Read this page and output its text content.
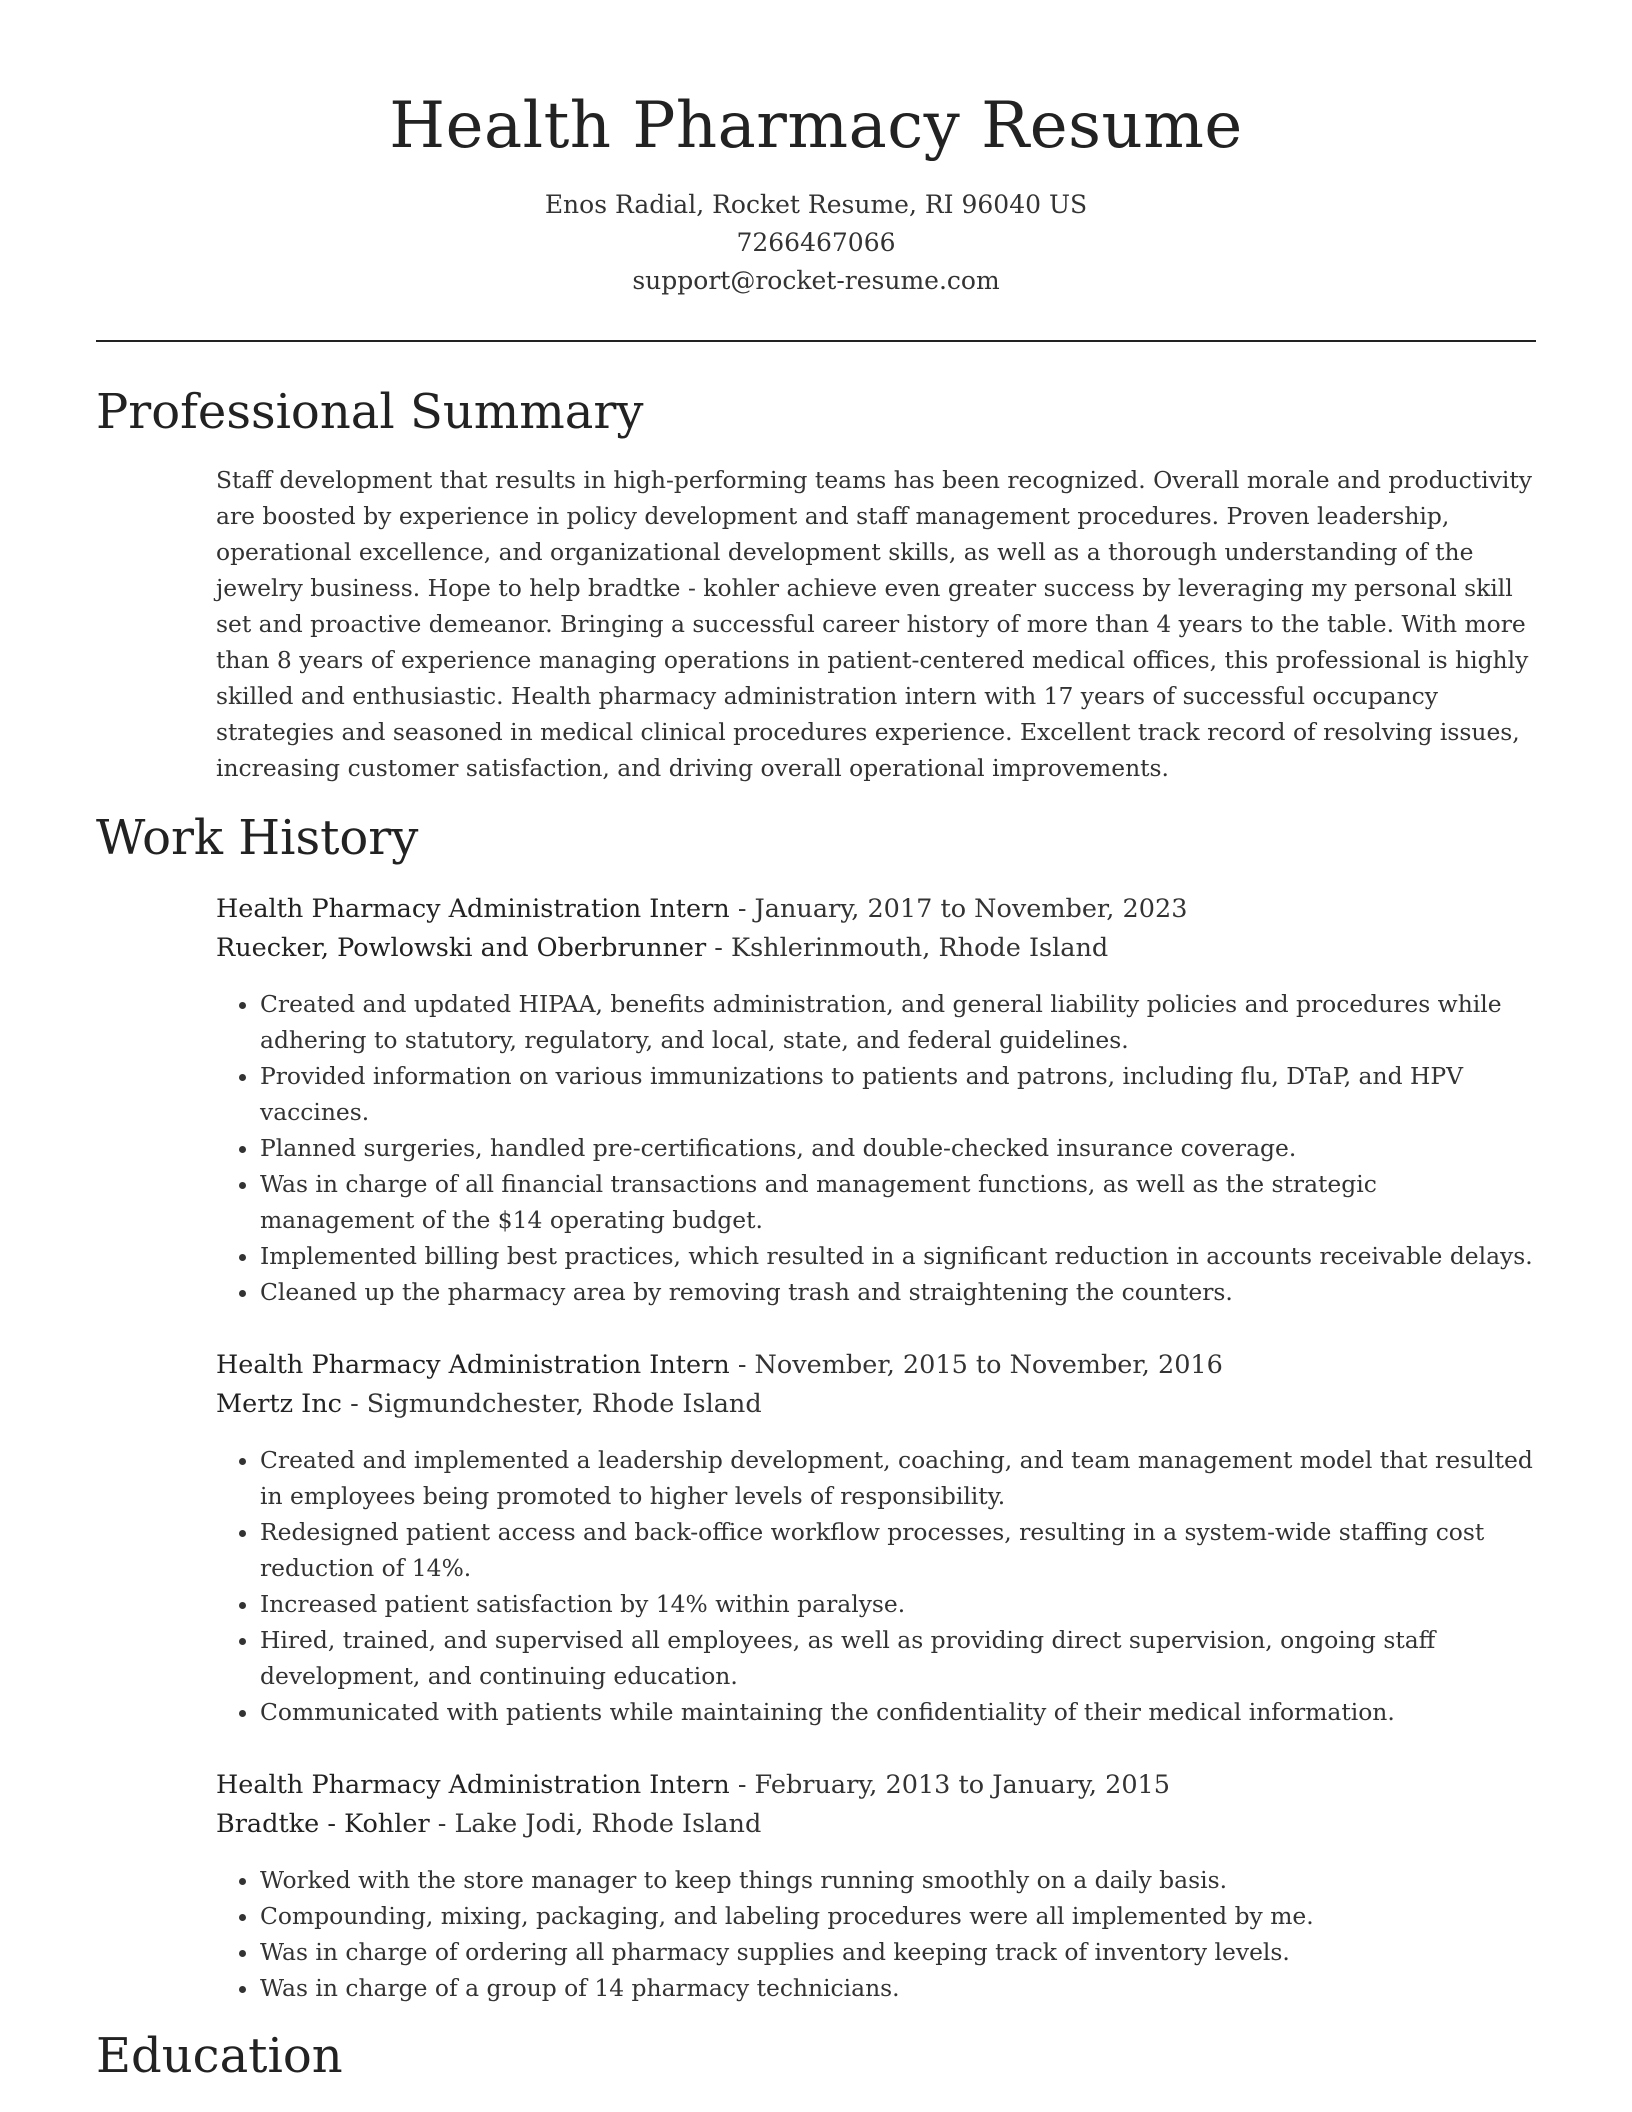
Health Pharmacy Resume
Enos Radial, Rocket Resume, RI 96040 US
7266467066
support@rocket-resume.com
Professional Summary
Staff development that results in high-performing teams has been recognized. Overall morale and productivity are boosted by experience in policy development and staff management procedures. Proven leadership, operational excellence, and organizational development skills, as well as a thorough understanding of the jewelry business. Hope to help bradtke - kohler achieve even greater success by leveraging my personal skill set and proactive demeanor. Bringing a successful career history of more than 4 years to the table. With more than 8 years of experience managing operations in patient-centered medical offices, this professional is highly skilled and enthusiastic. Health pharmacy administration intern with 17 years of successful occupancy strategies and seasoned in medical clinical procedures experience. Excellent track record of resolving issues, increasing customer satisfaction, and driving overall operational improvements.
Work History
Health Pharmacy Administration Intern - January, 2017 to November, 2023
Ruecker, Powlowski and Oberbrunner - Kshlerinmouth, Rhode Island
• Created and updated HIPAA, benefits administration, and general liability policies and procedures while adhering to statutory, regulatory, and local, state, and federal guidelines.
• Provided information on various immunizations to patients and patrons, including flu, DTaP, and HPV vaccines.
• Planned surgeries, handled pre-certifications, and double-checked insurance coverage.
• Was in charge of all financial transactions and management functions, as well as the strategic management of the $14 operating budget.
• Implemented billing best practices, which resulted in a significant reduction in accounts receivable delays.
• Cleaned up the pharmacy area by removing trash and straightening the counters.
Health Pharmacy Administration Intern - November, 2015 to November, 2016
Mertz Inc - Sigmundchester, Rhode Island
• Created and implemented a leadership development, coaching, and team management model that resulted in employees being promoted to higher levels of responsibility.
• Redesigned patient access and back-office workflow processes, resulting in a system-wide staffing cost reduction of 14%.
• Increased patient satisfaction by 14% within paralyse.
• Hired, trained, and supervised all employees, as well as providing direct supervision, ongoing staff development, and continuing education.
• Communicated with patients while maintaining the confidentiality of their medical information.
Health Pharmacy Administration Intern - February, 2013 to January, 2015
Bradtke - Kohler - Lake Jodi, Rhode Island
• Worked with the store manager to keep things running smoothly on a daily basis.
• Compounding, mixing, packaging, and labeling procedures were all implemented by me.
• Was in charge of ordering all pharmacy supplies and keeping track of inventory levels.
• Was in charge of a group of 14 pharmacy technicians.
Education
